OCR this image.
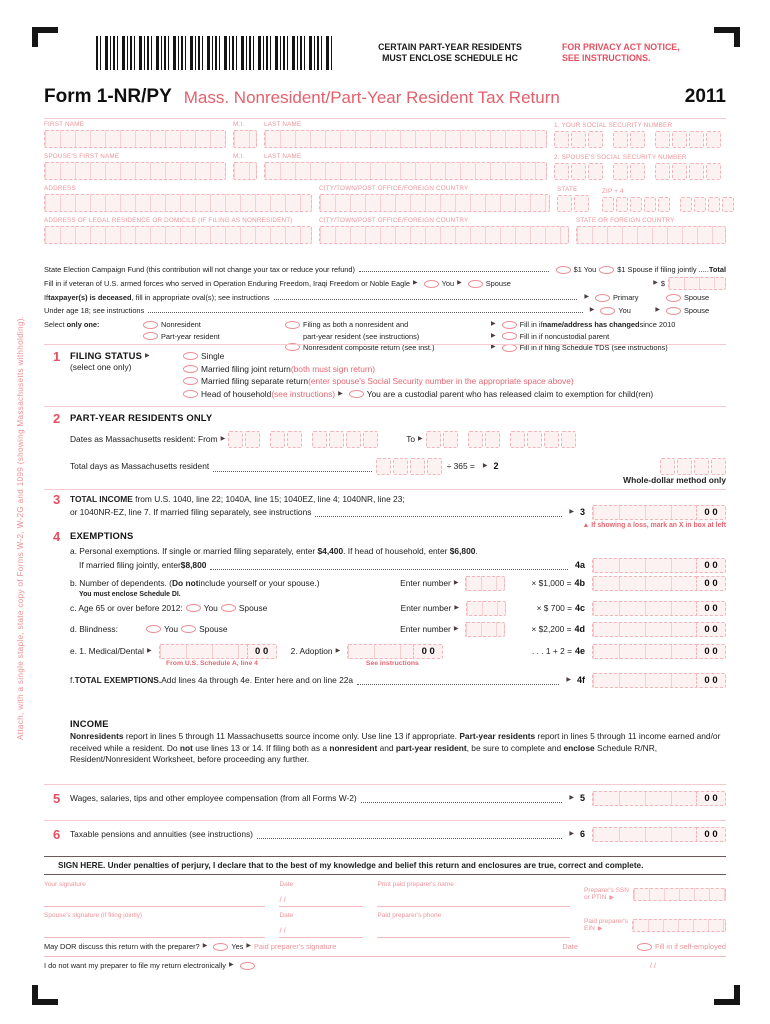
Attach, with a single staple, state copy of Forms W-2, W-2G and 1099 (showing Massachusetts withholding).
CERTAIN PART-YEAR RESIDENTS
MUST ENCLOSE SCHEDULE HC
FOR PRIVACY ACT NOTICE,
SEE INSTRUCTIONS.
Form 1-NR/PY Mass. Nonresident/Part-Year Resident Tax Return	2011
FIRST NAME	M.I.	LAST NAME	1. YOUR SOCIAL SECURITY NUMBER
SPOUSE'S FIRST NAME	M.I.	LAST NAME	2. SPOUSE'S SOCIAL SECURITY NUMBER
ADDRESS	CITY/TOWN/POST OFFICE/FOREIGN COUNTRY	STATE	ZIP + 4
ADDRESS OF LEGAL RESIDENCE OR DOMICILE (IF FILING AS NONRESIDENT)	CITY/TOWN/POST OFFICE/FOREIGN COUNTRY	STATE OR FOREIGN COUNTRY
State Election Campaign Fund (this contribution will not change your tax or reduce your refund)	$1 You	$1 Spouse if filing jointly ..... Total
Fill in if veteran of U.S. armed forces who served in Operation Enduring Freedom, Iraqi Freedom or Noble Eagle ▶	You ▶	Spouse	▶ $
If taxpayer(s) is deceased , fill in appropriate oval(s); see instructions	▶	Primary	Spouse
Under age 18; see instructions	▶	You	▶	Spouse
Select only one:	Nonresident
Part-year resident
Filing as both a nonresident and
part-year resident (see instructions)
Nonresident composite return (see inst.)
▶	Fill in if name/address has changed since 2010
▶	Fill in if noncustodial parent
▶	Fill in if filing Schedule TDS (see instructions)
1	FILING STATUS ▶
(select one only)
Single
Married filing joint return (both must sign return)
Married filing separate return (enter spouse's Social Security number in the appropriate space above)
Head of household (see instructions) ▶	You are a custodial parent who has released claim to exemption for child(ren)
2	PART-YEAR RESIDENTS ONLY
Dates as Massachusetts resident: From ▶	To ▶
Total days as Massachusetts resident	÷ 365 = ▶ 2
Whole-dollar method only
3	TOTAL INCOME from U.S. 1040, line 22; 1040A, line 15; 1040EZ, line 4; 1040NR, line 23;
or 1040NR-EZ, line 7. If married filing separately, see instructions	▶ 3	0 0
▲ If showing a loss, mark an X in box at left
4	EXEMPTIONS
a. Personal exemptions. If single or married filing separately, enter $4,400. If head of household, enter $6,800.
If married filing jointly, enter $8,800	4a	0 0
b. Number of dependents. ( Do not include yourself or your spouse.)	Enter number ▶	× $1,000 = 4b	0 0
You must enclose Schedule DI.
c. Age 65 or over before 2012:	You	Spouse	Enter number ▶	× $ 700 = 4c	0 0
d. Blindness:	You	Spouse	Enter number ▶	× $2,200 = 4d	0 0
e. 1. Medical/Dental ▶	0 0	2. Adoption ▶	0 0	. . . 1 + 2 = 4e	0 0
From U.S. Schedule A, line 4	See instructions
f. TOTAL EXEMPTIONS. Add lines 4a through 4e. Enter here and on line 22a	▶ 4f	0 0
INCOME
Nonresidents report in lines 5 through 11 Massachusetts source income only. Use line 13 if appropriate. Part-year residents report in lines 5 through 11 income earned and/or received while a resident. Do not use lines 13 or 14. If filing both as a nonresident and part-year resident, be sure to complete and enclose Schedule R/NR, Resident/Nonresident Worksheet, before proceeding any further.
5	Wages, salaries, tips and other employee compensation (from all Forms W-2)	▶ 5	0 0
6	Taxable pensions and annuities (see instructions)	▶ 6	0 0
SIGN HERE. Under penalties of perjury, I declare that to the best of my knowledge and belief this return and enclosures are true, correct and complete.
Your signature
	Date
/ /
Print paid preparer's name

Preparer's SSN
or PTIN ▶
Spouse's signature (if filing jointly)
	Date
/ /
Paid preparer's phone

Paid preparer's
EIN ▶
May DOR discuss this return with the preparer? ▶	Yes ▶ Paid preparer's signature	Date	Fill in if self-employed
I do not want my preparer to file my return electronically ▶	/ /
